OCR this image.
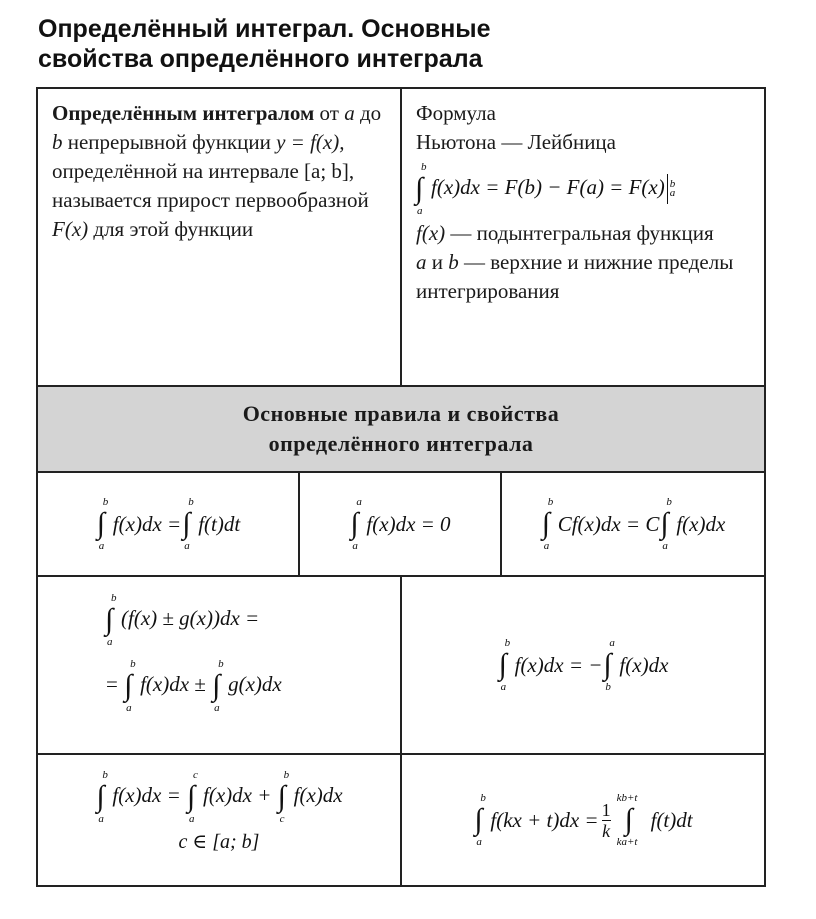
Определённый интеграл. Основные
свойства определённого интеграла
Определённым интегралом от a до b непрерывной функции y = f(x), определённой на интервале [a; b], называется прирост первообразной F(x) для этой функции
Формула
Ньютона — Лейбница
∫
b
a
f(x)dx = F(b) − F(a) = F(x) b
a
f(x) — подынтегральная функция
a и b — верхние и нижние пределы интегрирования
Основные правила и свойства
определённого интеграла
∫
b
a
f(x)dx = ∫
b
a
f(t)dt	∫
a
a
f(x)dx = 0	∫
b
a
Cf(x)dx = C ∫
b
a
f(x)dx
∫
b
a
(f(x) ± g(x))dx =
= ∫
b
a
f(x)dx ± ∫
b
a
g(x)dx
∫
b
a
f(x)dx = − ∫
a
b
f(x)dx
∫
b
a
f(x)dx = ∫
c
a
f(x)dx + ∫
b
c
f(x)dx
c ∈ [a; b]
∫
b
a
$f(kx + t)dx = \frac{1}{k}$ ∫
kb+t
ka+t
f(t)dt
